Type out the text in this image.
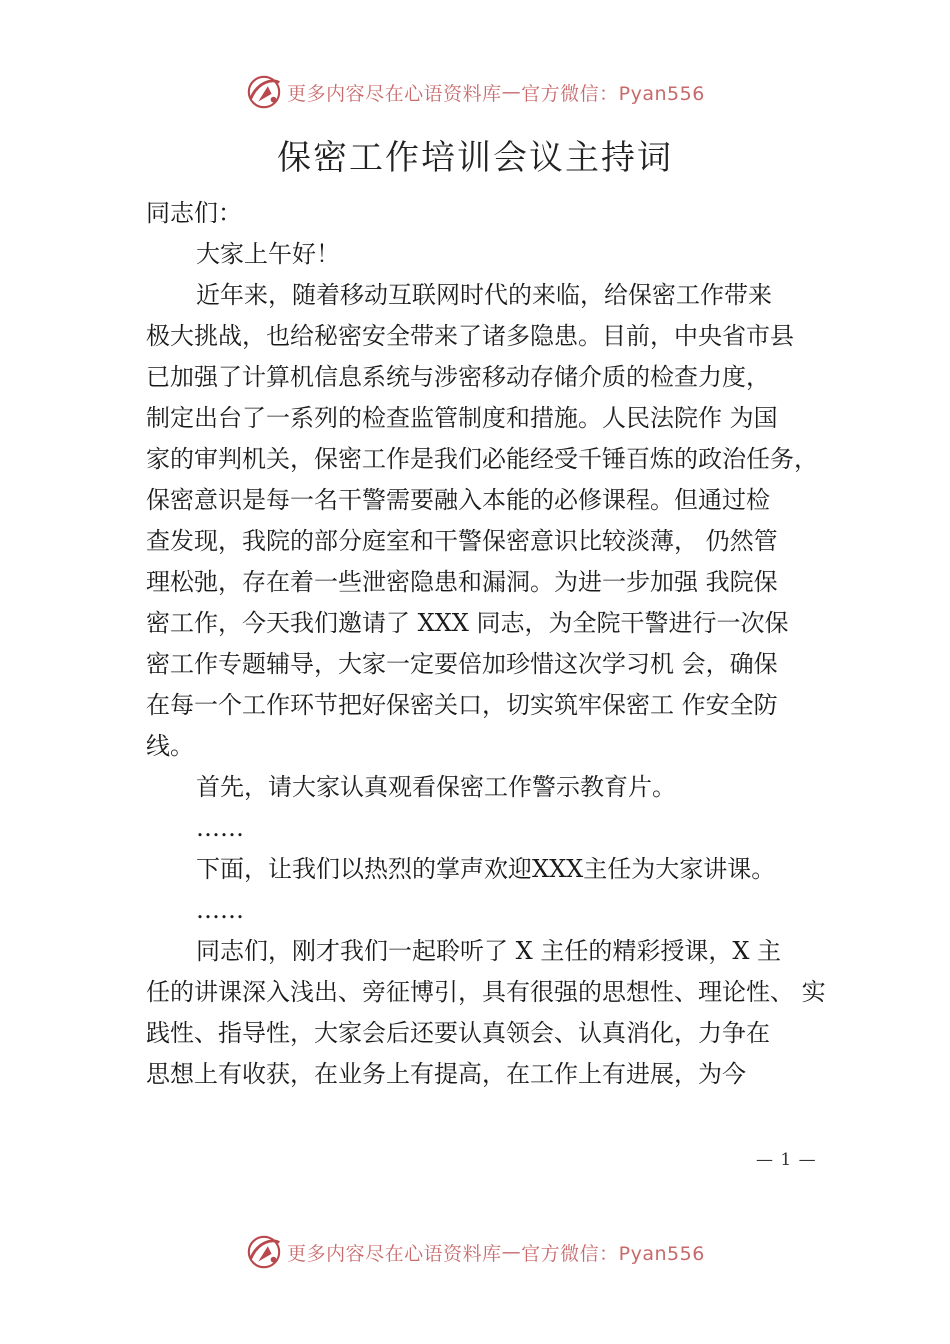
更多内容尽在心语资料库 — 官方微信：Pyan556
保密工作培训会议主持词
同志们：
大家上午好！
近年来，随着移动互联网时代的来临，给保密工作带来
极大挑战，也给秘密安全带来了诸多隐患。目前，中央省市县
已加强了计算机信息系统与涉密移动存储介质的检查力度，
制定出台了一系列的检查监管制度和措施。人民法院作 为国
家的审判机关，保密工作是我们必能经受千锤百炼的政治任务，
保密意识是每一名干警需要融入本能的必修课程。但通过检
查发现，我院的部分庭室和干警保密意识比较淡薄， 仍然管
理松弛，存在着一些泄密隐患和漏洞。为进一步加强 我院保
密工作，今天我们邀请了 XXX 同志，为全院干警进行一次保
密工作专题辅导，大家一定要倍加珍惜这次学习机 会，确保
在每一个工作环节把好保密关口，切实筑牢保密工 作安全防
线。
首先，请大家认真观看保密工作警示教育片。
……
下面，让我们以热烈的掌声欢迎XXX主任为大家讲课。
……
同志们，刚才我们一起聆听了 X 主任的精彩授课，X 主
任的讲课深入浅出、旁征博引，具有很强的思想性、理论性、 实
践性、指导性，大家会后还要认真领会、认真消化，力争在
思想上有收获，在业务上有提高，在工作上有进展，为今
— 1 —
更多内容尽在心语资料库 — 官方微信：Pyan556
